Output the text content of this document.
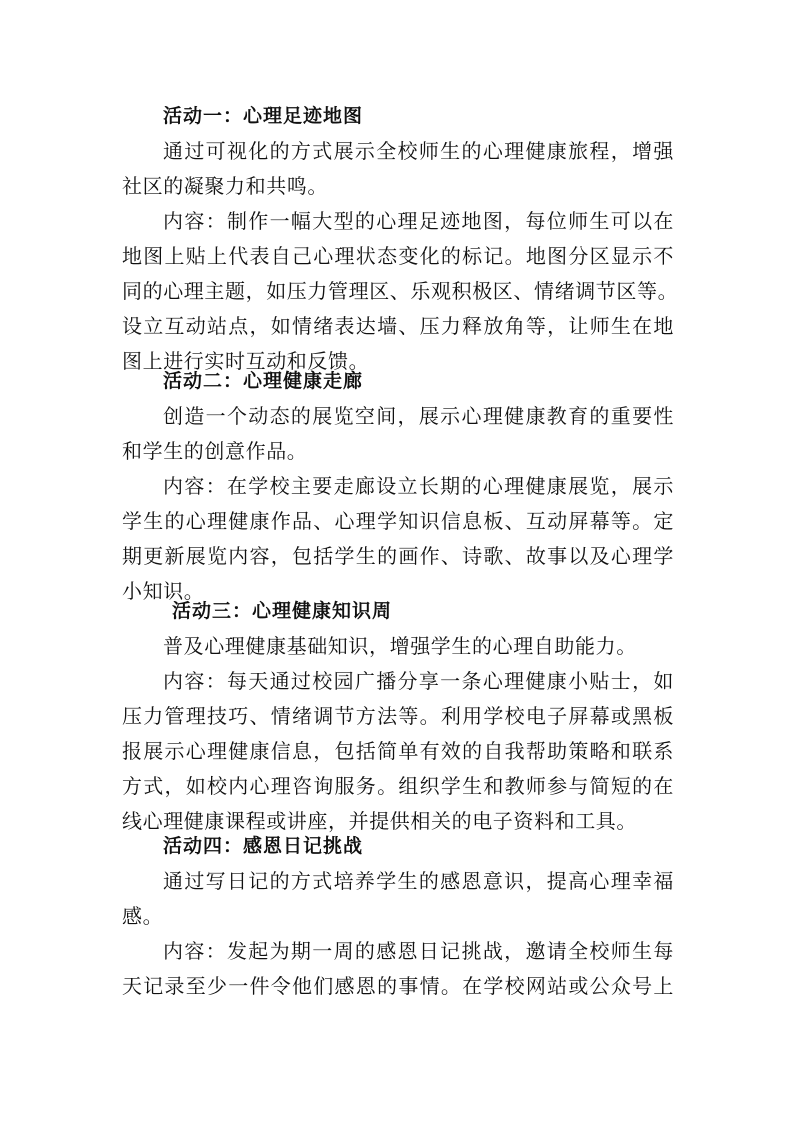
活动一：心理足迹地图
通过可视化的方式展示全校师生的心理健康旅程，增强
社区的凝聚力和共鸣。
内容：制作一幅大型的心理足迹地图，每位师生可以在
地图上贴上代表自己心理状态变化的标记。地图分区显示不
同的心理主题，如压力管理区、乐观积极区、情绪调节区等。
设立互动站点，如情绪表达墙、压力释放角等，让师生在地
图上进行实时互动和反馈。
活动二：心理健康走廊
创造一个动态的展览空间，展示心理健康教育的重要性
和学生的创意作品。
内容：在学校主要走廊设立长期的心理健康展览，展示
学生的心理健康作品、心理学知识信息板、互动屏幕等。定
期更新展览内容，包括学生的画作、诗歌、故事以及心理学
小知识。
活动三：心理健康知识周
普及心理健康基础知识，增强学生的心理自助能力。
内容：每天通过校园广播分享一条心理健康小贴士，如
压力管理技巧、情绪调节方法等。利用学校电子屏幕或黑板
报展示心理健康信息，包括简单有效的自我帮助策略和联系
方式，如校内心理咨询服务。组织学生和教师参与简短的在
线心理健康课程或讲座，并提供相关的电子资料和工具。
活动四：感恩日记挑战
通过写日记的方式培养学生的感恩意识，提高心理幸福
感。
内容：发起为期一周的感恩日记挑战，邀请全校师生每
天记录至少一件令他们感恩的事情。在学校网站或公众号上
